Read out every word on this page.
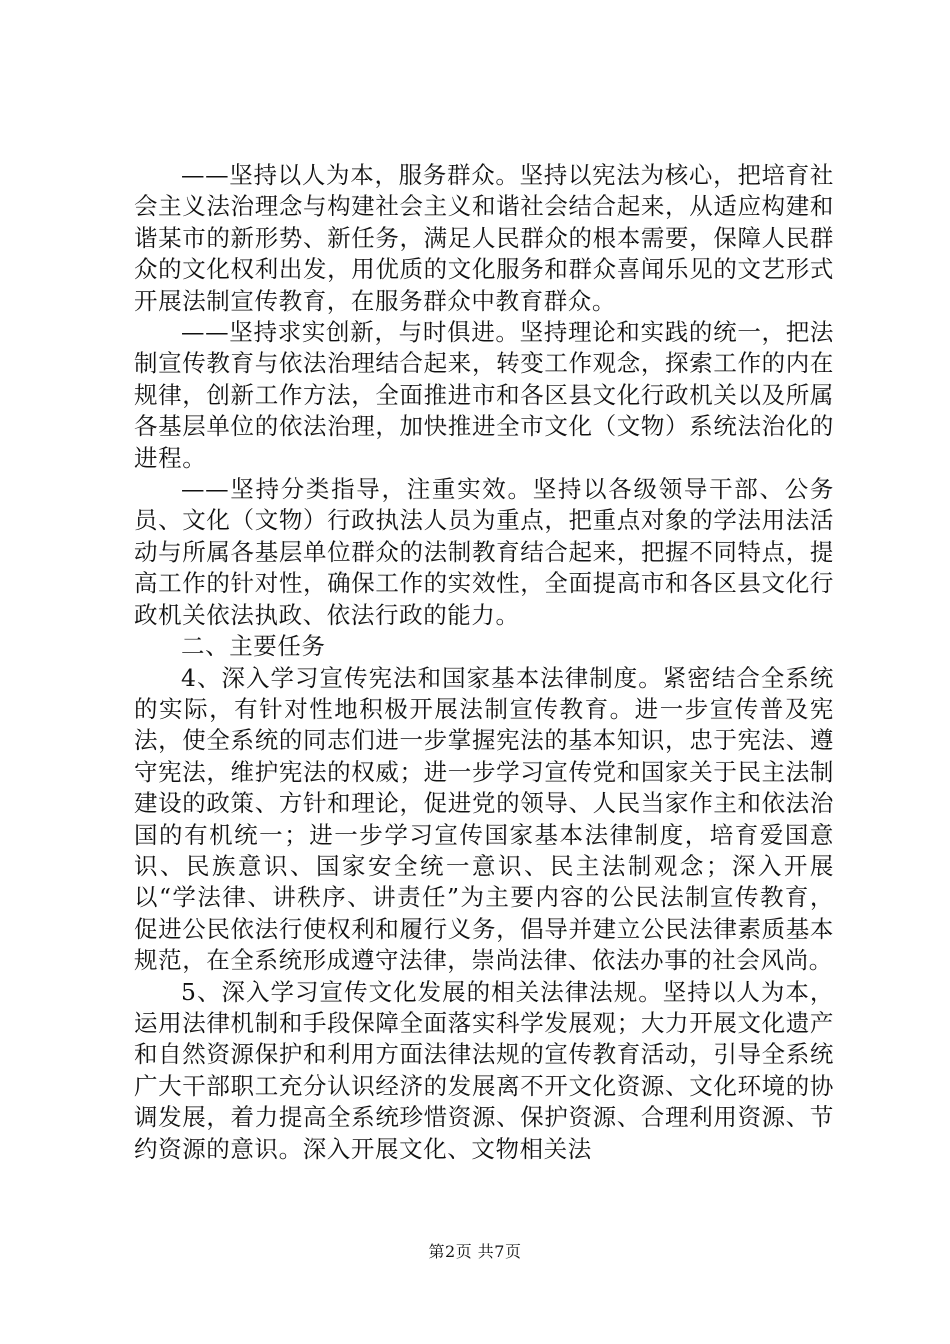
——坚持以人为本，服务群众。坚持以宪法为核心，把培育社会主义法治理念与构建社会主义和谐社会结合起来，从适应构建和谐某市的新形势、新任务，满足人民群众的根本需要，保障人民群众的文化权利出发，用优质的文化服务和群众喜闻乐见的文艺形式开展法制宣传教育，在服务群众中教育群众。

——坚持求实创新，与时俱进。坚持理论和实践的统一，把法制宣传教育与依法治理结合起来，转变工作观念，探索工作的内在规律，创新工作方法，全面推进市和各区县文化行政机关以及所属各基层单位的依法治理，加快推进全市文化（文物）系统法治化的进程。

——坚持分类指导，注重实效。坚持以各级领导干部、公务员、文化（文物）行政执法人员为重点，把重点对象的学法用法活动与所属各基层单位群众的法制教育结合起来，把握不同特点，提高工作的针对性，确保工作的实效性，全面提高市和各区县文化行政机关依法执政、依法行政的能力。

二、主要任务

4、深入学习宣传宪法和国家基本法律制度。紧密结合全系统的实际，有针对性地积极开展法制宣传教育。进一步宣传普及宪法，使全系统的同志们进一步掌握宪法的基本知识，忠于宪法、遵守宪法，维护宪法的权威；进一步学习宣传党和国家关于民主法制建设的政策、方针和理论，促进党的领导、人民当家作主和依法治国的有机统一；进一步学习宣传国家基本法律制度，培育爱国意识、民族意识、国家安全统一意识、民主法制观念；深入开展以“学法律、讲秩序、讲责任”为主要内容的公民法制宣传教育，促进公民依法行使权利和履行义务，倡导并建立公民法律素质基本规范，在全系统形成遵守法律，崇尚法律、依法办事的社会风尚。

5、深入学习宣传文化发展的相关法律法规。坚持以人为本，运用法律机制和手段保障全面落实科学发展观；大力开展文化遗产和自然资源保护和利用方面法律法规的宣传教育活动，引导全系统广大干部职工充分认识经济的发展离不开文化资源、文化环境的协调发展，着力提高全系统珍惜资源、保护资源、合理利用资源、节约资源的意识。深入开展文化、文物相关法

第2页 共7页
